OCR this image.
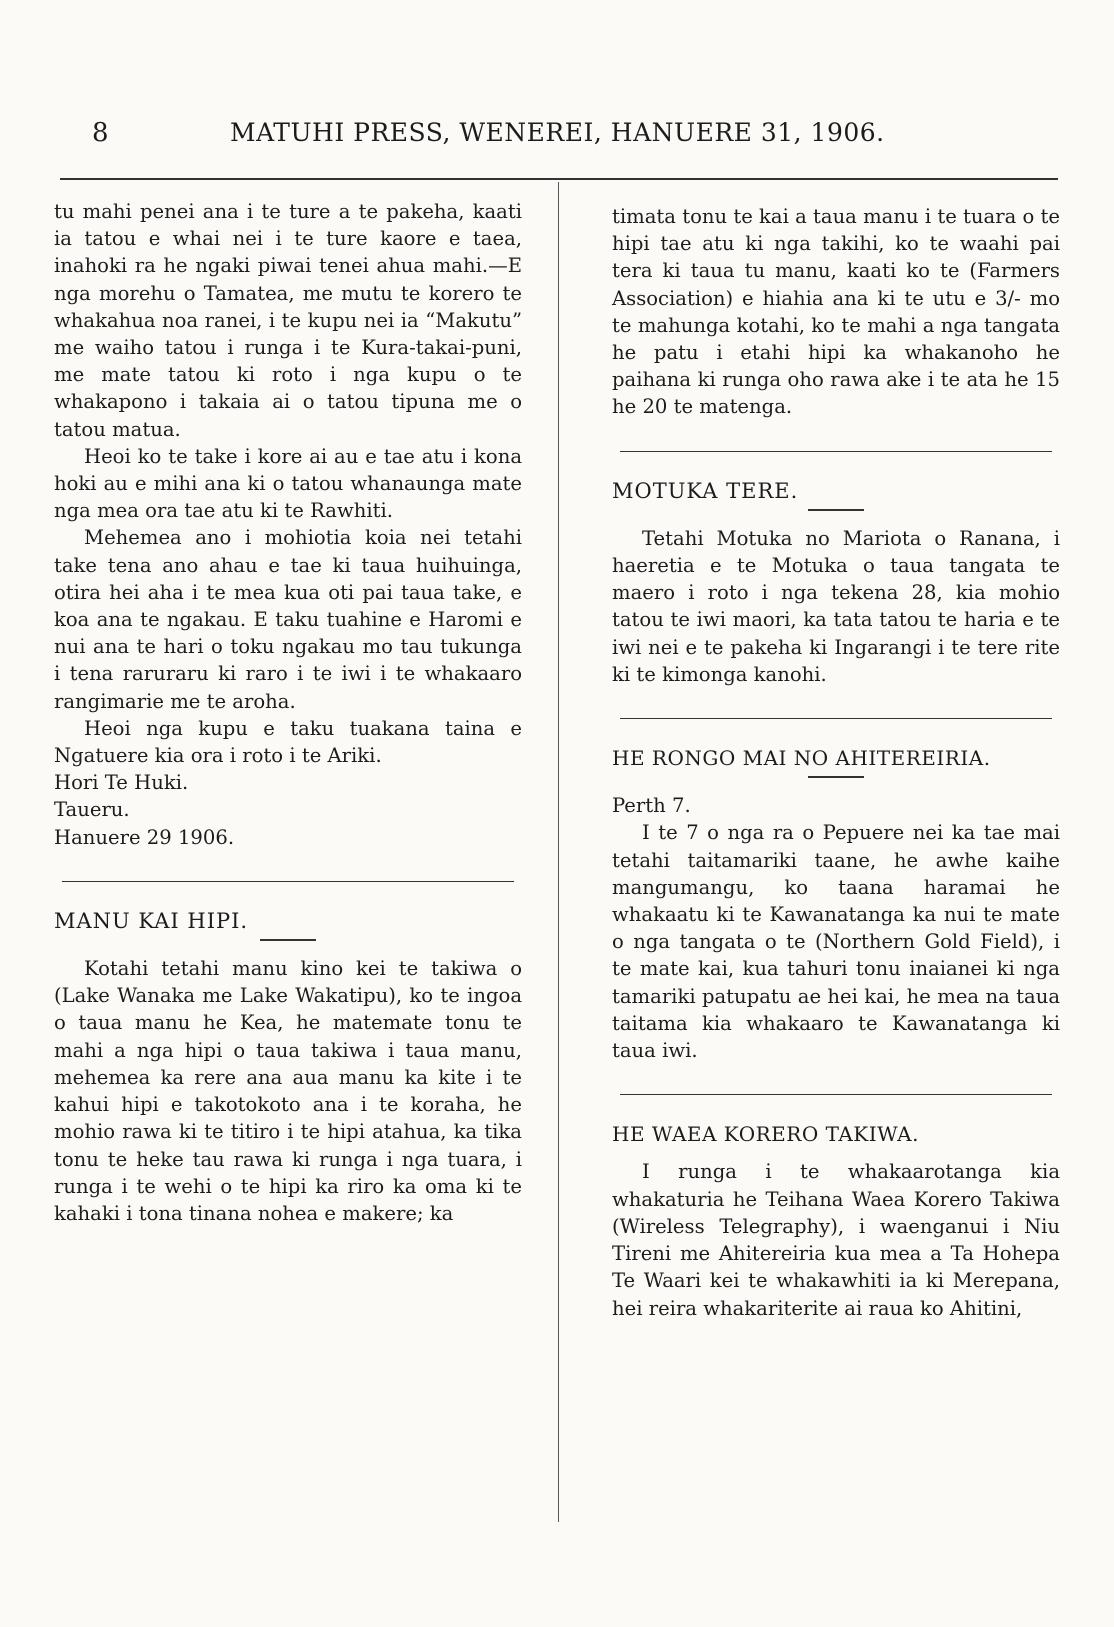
8	MATUHI PRESS, WENEREI, HANUERE 31, 1906.

tu mahi penei ana i te ture a te pakeha, kaati ia tatou e whai nei i te ture kaore e taea, inahoki ra he ngaki piwai tenei ahua mahi.—E nga morehu o Tamatea, me mutu te korero te whakahua noa ranei, i te kupu nei ia “Makutu” me waiho tatou i runga i te Kura-takai-puni, me mate tatou ki roto i nga kupu o te whakapono i takaia ai o tatou tipuna me o tatou matua.

Heoi ko te take i kore ai au e tae atu i kona hoki au e mihi ana ki o tatou whanaunga mate nga mea ora tae atu ki te Rawhiti.

Mehemea ano i mohiotia koia nei tetahi take tena ano ahau e tae ki taua huihuinga, otira hei aha i te mea kua oti pai taua take, e koa ana te ngakau. E taku tuahine e Haromi e nui ana te hari o toku ngakau mo tau tukunga i tena raruraru ki raro i te iwi i te whakaaro rangimarie me te aroha.

Heoi nga kupu e taku tuakana taina e Ngatuere kia ora i roto i te Ariki.

Hori Te Huki.

Taueru.

Hanuere 29 1906.

MANU KAI HIPI.

Kotahi tetahi manu kino kei te takiwa o (Lake Wanaka me Lake Wakatipu), ko te ingoa o taua manu he Kea, he matemate tonu te mahi a nga hipi o taua takiwa i taua manu, mehemea ka rere ana aua manu ka kite i te kahui hipi e takotokoto ana i te koraha, he mohio rawa ki te titiro i te hipi atahua, ka tika tonu te heke tau rawa ki runga i nga tuara, i runga i te wehi o te hipi ka riro ka oma ki te kahaki i tona tinana nohea e makere; ka

timata tonu te kai a taua manu i te tuara o te hipi tae atu ki nga takihi, ko te waahi pai tera ki taua tu manu, kaati ko te (Farmers Association) e hiahia ana ki te utu e 3/- mo te mahunga kotahi, ko te mahi a nga tangata he patu i etahi hipi ka whakanoho he paihana ki runga oho rawa ake i te ata he 15 he 20 te matenga.

MOTUKA TERE.

Tetahi Motuka no Mariota o Ranana, i haeretia e te Motuka o taua tangata te maero i roto i nga tekena 28, kia mohio tatou te iwi maori, ka tata tatou te haria e te iwi nei e te pakeha ki Ingarangi i te tere rite ki te kimonga kanohi.

HE RONGO MAI NO AHITEREIRIA.

Perth 7.

I te 7 o nga ra o Pepuere nei ka tae mai tetahi taitamariki taane, he awhe kaihe mangumangu, ko taana haramai he whakaatu ki te Kawanatanga ka nui te mate o nga tangata o te (Northern Gold Field), i te mate kai, kua tahuri tonu inaianei ki nga tamariki patupatu ae hei kai, he mea na taua taitama kia whakaaro te Kawanatanga ki taua iwi.

HE WAEA KORERO TAKIWA.

I runga i te whakaarotanga kia whakaturia he Teihana Waea Korero Takiwa (Wireless Telegraphy), i waenganui i Niu Tireni me Ahitereiria kua mea a Ta Hohepa Te Waari kei te whakawhiti ia ki Merepana, hei reira whakariterite ai raua ko Ahitini,
